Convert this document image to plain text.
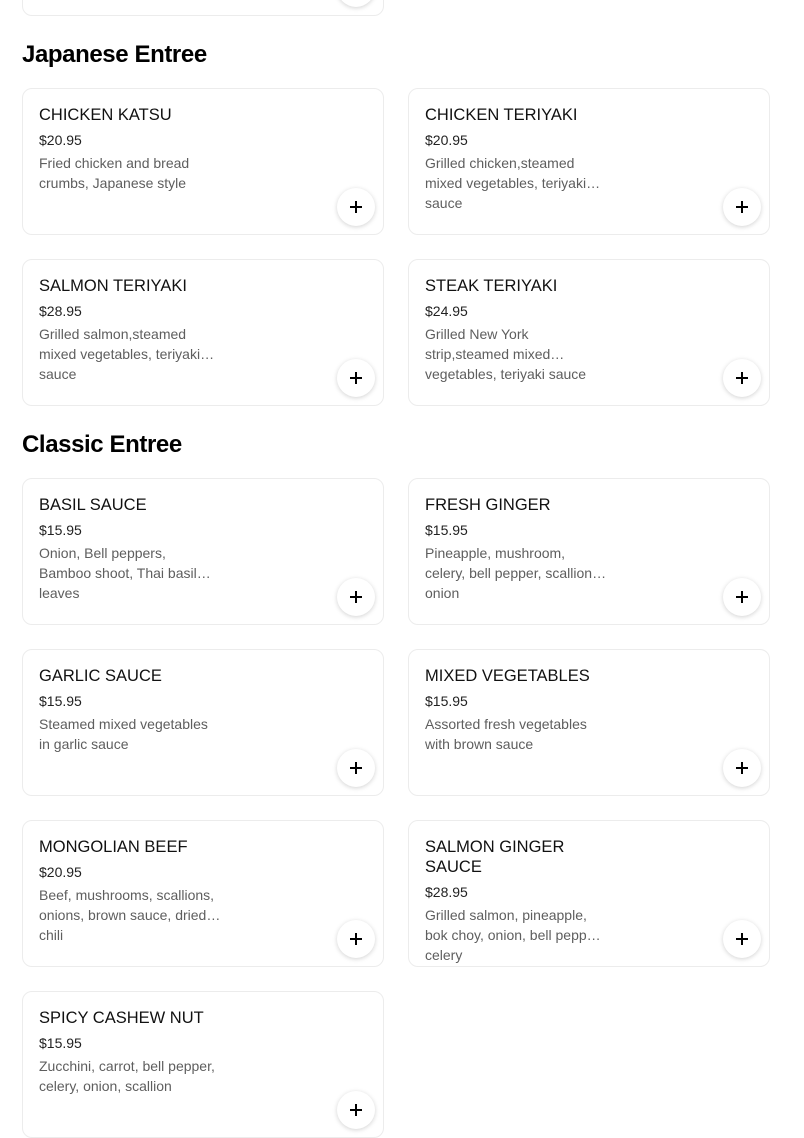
Japanese Entree
CHICKEN KATSU
$20.95
Fried chicken and bread crumbs, Japanese style
CHICKEN TERIYAKI
$20.95
Grilled chicken,steamed mixed vegetables, teriyaki sauce
SALMON TERIYAKI
$28.95
Grilled salmon,steamed mixed vegetables, teriyaki sauce
STEAK TERIYAKI
$24.95
Grilled New York strip,steamed mixed vegetables, teriyaki sauce
Classic Entree
BASIL SAUCE
$15.95
Onion, Bell peppers, Bamboo shoot, Thai basil leaves
FRESH GINGER
$15.95
Pineapple, mushroom, celery, bell pepper, scallion, onion
GARLIC SAUCE
$15.95
Steamed mixed vegetables in garlic sauce
MIXED VEGETABLES
$15.95
Assorted fresh vegetables with brown sauce
MONGOLIAN BEEF
$20.95
Beef, mushrooms, scallions, onions, brown sauce, dried chili
SALMON GINGER SAUCE
$28.95
Grilled salmon, pineapple, bok choy, onion, bell pepper, celery
SPICY CASHEW NUT
$15.95
Zucchini, carrot, bell pepper, celery, onion, scallion
